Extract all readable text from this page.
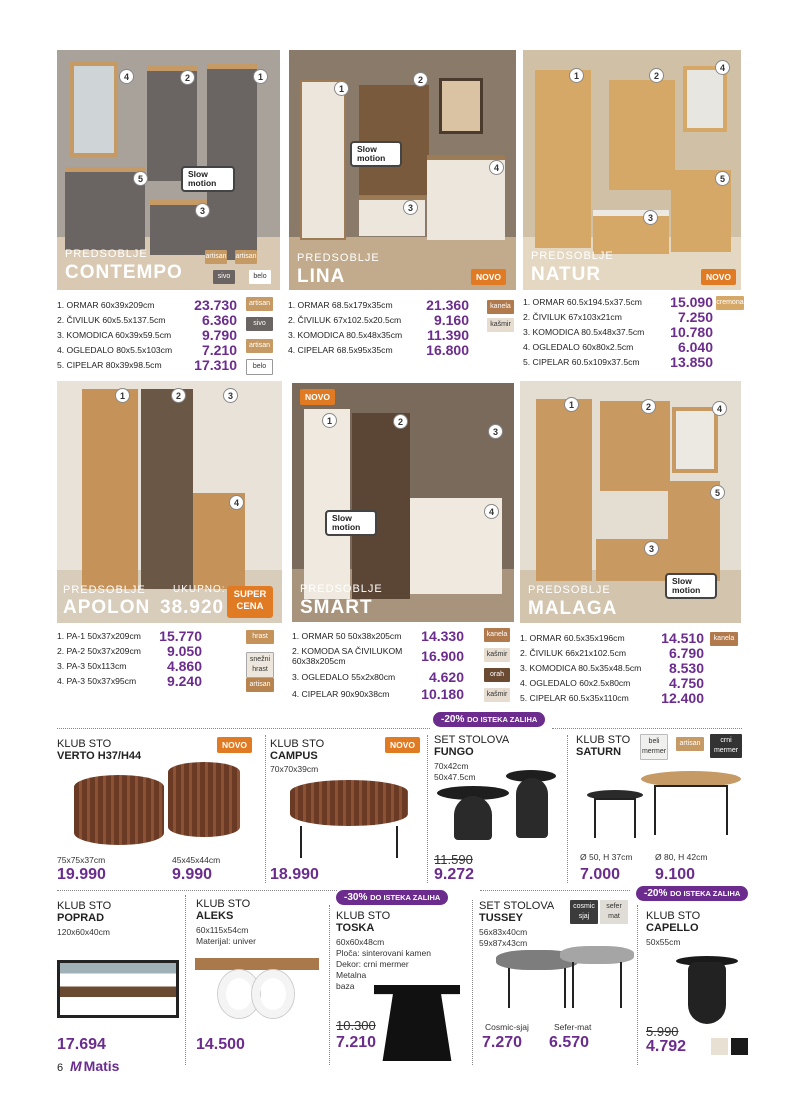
4	2	1
5
3
Slow motion
PREDSOBLJE
CONTEMPO
artisan artisan
sivo	belo
1
2
4
3
Slow motion
PREDSOBLJE
LINA	NOVO
1	2
4
5
3
PREDSOBLJE
NATUR	NOVO
1. ORMAR 60x39x209cm	23.730
2. ČIVILUK 60x5.5x137.5cm	6.360
3. KOMODICA 60x39x59.5cm	9.790
4. OGLEDALO 80x5.5x103cm	7.210
5. CIPELAR 80x39x98.5cm	17.310
artisan
sivo
artisan
belo
1. ORMAR 68.5x179x35cm	21.360
2. ČIVILUK 67x102.5x20.5cm	9.160
3. KOMODICA 80.5x48x35cm	11.390
4. CIPELAR 68.5x95x35cm	16.800
kanela
kašmir
1. ORMAR 60.5x194.5x37.5cm	15.090
2. ČIVILUK 67x103x21cm	7.250
3. KOMODICA 80.5x48x37.5cm	10.780
4. OGLEDALO 60x80x2.5cm	6.040
5. CIPELAR 60.5x109x37.5cm	13.850
cremona
1	2	3
4
PREDSOBLJE
APOLON
UKUPNO:
38.920
SUPER CENA
NOVO
1	2
3
4
Slow motion
PREDSOBLJE
SMART
1	2	4
5
3
Slow motion
PREDSOBLJE
MALAGA
1. PA-1 50x37x209cm	15.770
2. PA-2 50x37x209cm	9.050
3. PA-3 50x113cm	4.860
4. PA-3 50x37x95cm	9.240
hrast
snežni hrast
artisan
1. ORMAR 50 50x38x205cm	14.330
2. KOMODA SA ČIVILUKOM 60x38x205cm	16.900
3. OGLEDALO 55x2x80cm	4.620
4. CIPELAR 90x90x38cm	10.180
kanela
kašmir
orah
kašmir
1. ORMAR 60.5x35x196cm	14.510
2. ČIVILUK 66x21x102.5cm	6.790
3. KOMODICA 80.5x35x48.5cm	8.530
4. OGLEDALO 60x2.5x80cm	4.750
5. CIPELAR 60.5x35x110cm	12.400
kanela
KLUB STO
VERTO H37/H44
NOVO
75x75x37cm	45x45x44cm
19.990	9.990
KLUB STO
CAMPUS
NOVO
70x70x39cm
18.990
-20% DO ISTEKA ZALIHA
SET STOLOVA
FUNGO
70x42cm
50x47.5cm
11.590
9.272
KLUB STO
SATURN
beli mermer
artisan	crni mermer
Ø 50, H 37cm	Ø 80, H 42cm
7.000 9.100
KLUB STO
POPRAD
120x60x40cm
17.694
KLUB STO
ALEKS
60x115x54cm
Materijal: univer
14.500
-30% DO ISTEKA ZALIHA
KLUB STO
TOSKA
60x60x48cm
Ploča: sinterovani kamen
Dekor: crni mermer
Metalna
baza
10.300
7.210
SET STOLOVA
TUSSEY
cosmic sjaj
sefer mat
56x83x40cm
59x87x43cm
Cosmic-sjaj	Sefer-mat
7.270 6.570
-20% DO ISTEKA ZALIHA
KLUB STO
CAPELLO
50x55cm
5.990
4.792
6 M Matis
